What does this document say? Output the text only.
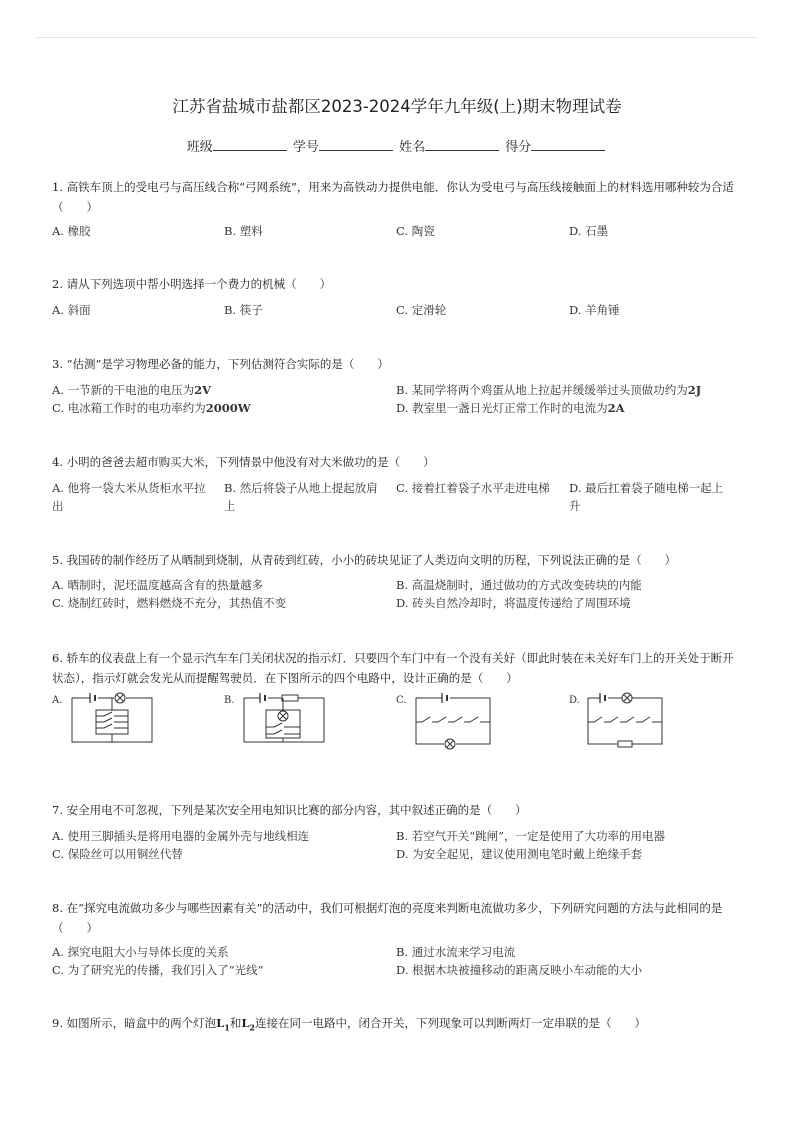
江苏省盐城市盐都区2023-2024学年九年级(上)期末物理试卷
班级	学号	姓名	得分
1. 高铁车顶上的受电弓与高压线合称“弓网系统”，用来为高铁动力提供电能．你认为受电弓与高压线接触面上的材料选用哪种较为合适（　　）
A. 橡胶	B. 塑料	C. 陶瓷	D. 石墨
2. 请从下列选项中帮小明选择一个费力的机械（　　）
A. 斜面	B. 筷子	C. 定滑轮	D. 羊角锤
3. “估测”是学习物理必备的能力，下列估测符合实际的是（　　）
A. 一节新的干电池的电压为2V	B. 某同学将两个鸡蛋从地上拉起并缓缓举过头顶做功约为2J
C. 电冰箱工作时的电功率约为2000W	D. 教室里一盏日光灯正常工作时的电流为2A
4. 小明的爸爸去超市购买大米，下列情景中他没有对大米做功的是（　　）
A. 他将一袋大米从货柜水平拉出
B. 然后将袋子从地上提起放肩上
C. 接着扛着袋子水平走进电梯	D. 最后扛着袋子随电梯一起上升
5. 我国砖的制作经历了从晒制到烧制，从青砖到红砖，小小的砖块见证了人类迈向文明的历程，下列说法正确的是（　　）
A. 晒制时，泥坯温度越高含有的热量越多	B. 高温烧制时，通过做功的方式改变砖块的内能
C. 烧制红砖时，燃料燃烧不充分，其热值不变	D. 砖头自然冷却时，将温度传递给了周围环境
6. 轿车的仪表盘上有一个显示汽车车门关闭状况的指示灯．只要四个车门中有一个没有关好（即此时装在未关好车门上的开关处于断开状态），指示灯就会发光从而提醒驾驶员．在下图所示的四个电路中，设计正确的是（　　）
A.	B.	C.	D.
7. 安全用电不可忽视，下列是某次安全用电知识比赛的部分内容，其中叙述正确的是（　　）
A. 使用三脚插头是将用电器的金属外壳与地线相连	B. 若空气开关“跳闸”，一定是使用了大功率的用电器
C. 保险丝可以用铜丝代替	D. 为安全起见，建议使用测电笔时戴上绝缘手套
8. 在“探究电流做功多少与哪些因素有关”的活动中，我们可根据灯泡的亮度来判断电流做功多少，下列研究问题的方法与此相同的是（　　）
A. 探究电阻大小与导体长度的关系	B. 通过水流来学习电流
C. 为了研究光的传播，我们引入了“光线”	D. 根据木块被撞移动的距离反映小车动能的大小
9. 如图所示，暗盒中的两个灯泡$L_1$和$L_2$连接在同一电路中，闭合开关，下列现象可以判断两灯一定串联的是（　　）
